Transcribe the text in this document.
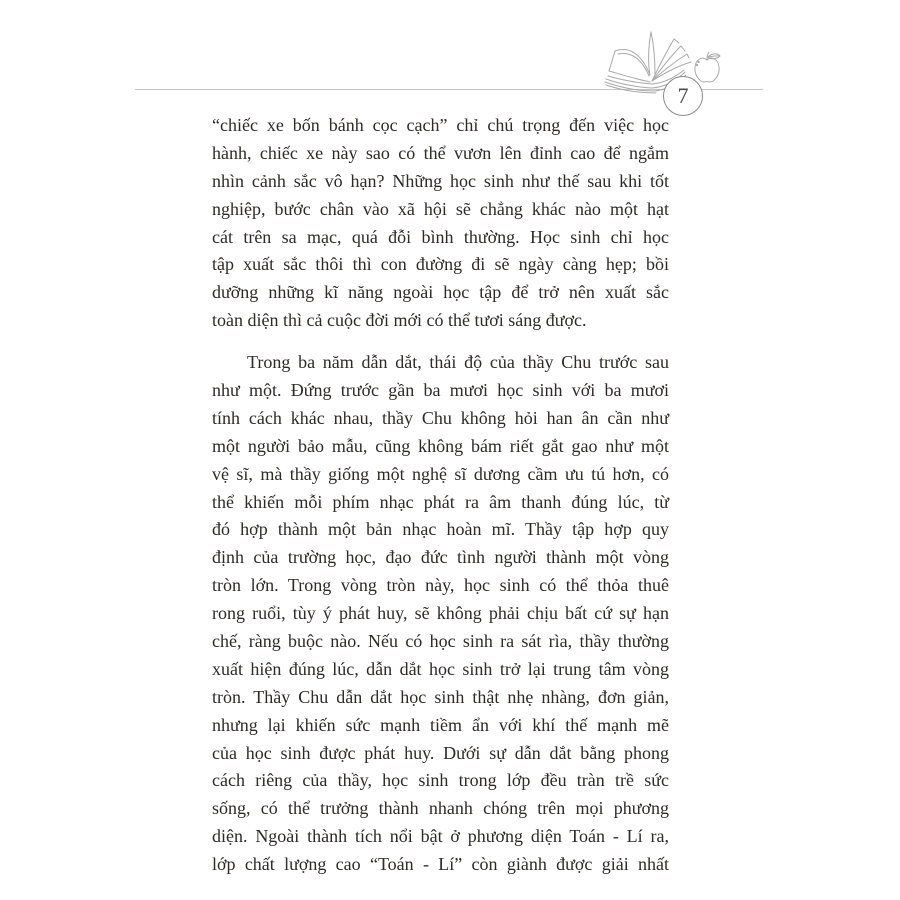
7
“chiếc xe bốn bánh cọc cạch” chỉ chú trọng đến việc học
hành, chiếc xe này sao có thể vươn lên đỉnh cao để ngắm
nhìn cảnh sắc vô hạn? Những học sinh như thế sau khi tốt
nghiệp, bước chân vào xã hội sẽ chẳng khác nào một hạt
cát trên sa mạc, quá đỗi bình thường. Học sinh chỉ học
tập xuất sắc thôi thì con đường đi sẽ ngày càng hẹp; bồi
dưỡng những kĩ năng ngoài học tập để trở nên xuất sắc
toàn diện thì cả cuộc đời mới có thể tươi sáng được.
Trong ba năm dẫn dắt, thái độ của thầy Chu trước sau
như một. Đứng trước gần ba mươi học sinh với ba mươi
tính cách khác nhau, thầy Chu không hỏi han ân cần như
một người bảo mẫu, cũng không bám riết gắt gao như một
vệ sĩ, mà thầy giống một nghệ sĩ dương cầm ưu tú hơn, có
thể khiến mỗi phím nhạc phát ra âm thanh đúng lúc, từ
đó hợp thành một bản nhạc hoàn mĩ. Thầy tập hợp quy
định của trường học, đạo đức tình người thành một vòng
tròn lớn. Trong vòng tròn này, học sinh có thể thỏa thuê
rong ruổi, tùy ý phát huy, sẽ không phải chịu bất cứ sự hạn
chế, ràng buộc nào. Nếu có học sinh ra sát rìa, thầy thường
xuất hiện đúng lúc, dẫn dắt học sinh trở lại trung tâm vòng
tròn. Thầy Chu dẫn dắt học sinh thật nhẹ nhàng, đơn giản,
nhưng lại khiến sức mạnh tiềm ẩn với khí thế mạnh mẽ
của học sinh được phát huy. Dưới sự dẫn dắt bằng phong
cách riêng của thầy, học sinh trong lớp đều tràn trề sức
sống, có thể trưởng thành nhanh chóng trên mọi phương
diện. Ngoài thành tích nổi bật ở phương diện Toán - Lí ra,
lớp chất lượng cao “Toán - Lí” còn giành được giải nhất
